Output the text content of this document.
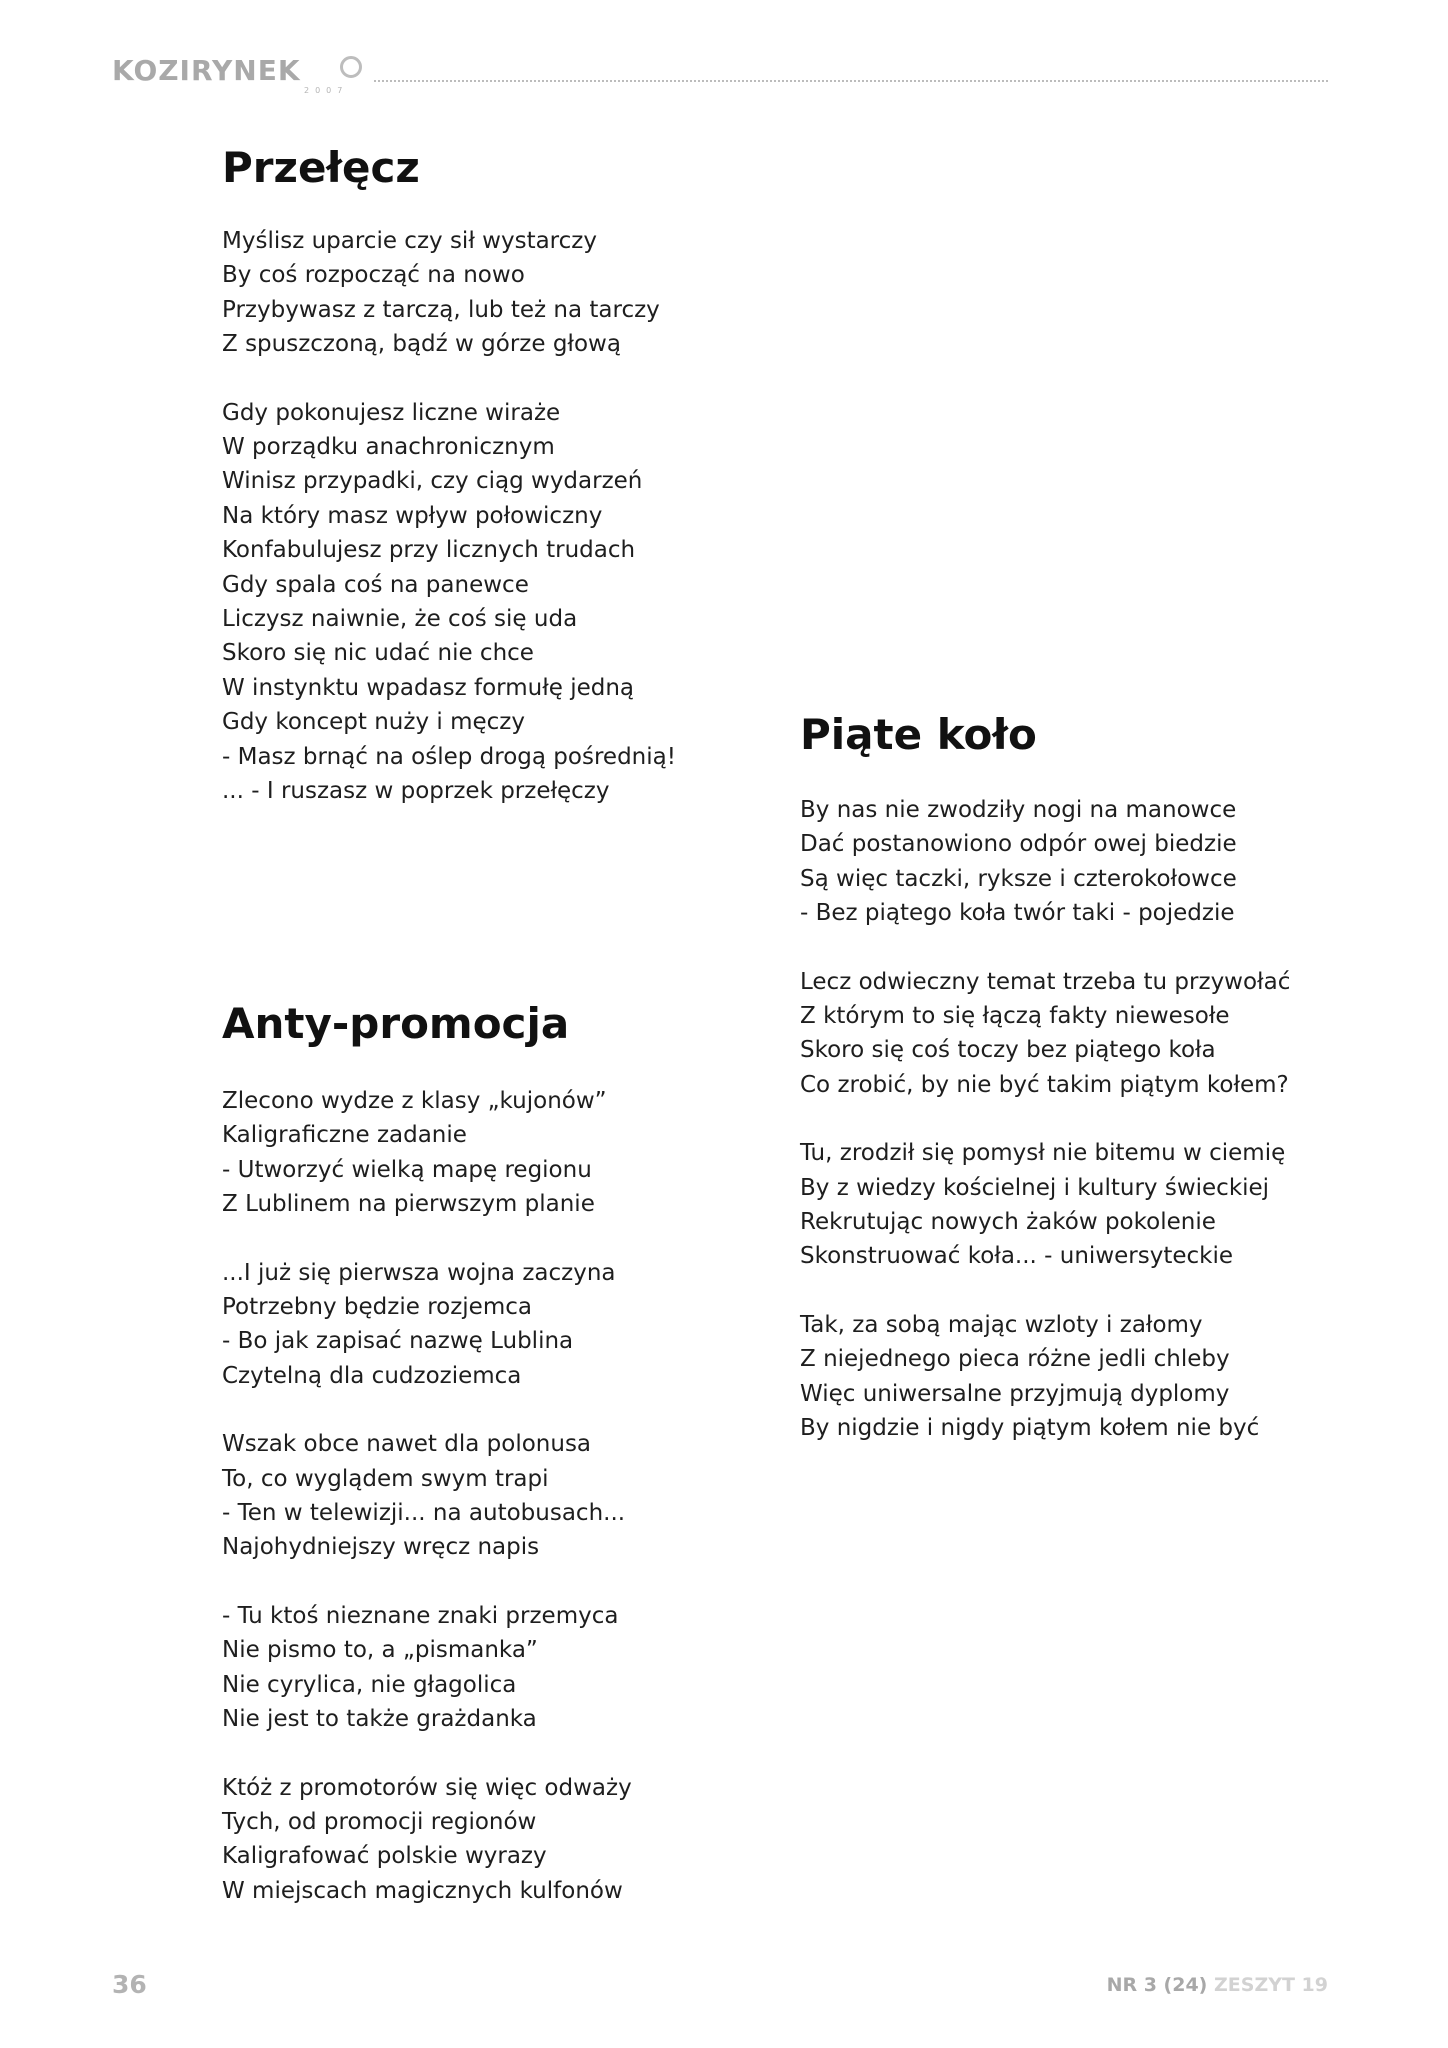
KOZIRYNEK
2007
Przełęcz
Myślisz uparcie czy sił wystarczy
By coś rozpocząć na nowo
Przybywasz z tarczą, lub też na tarczy
Z spuszczoną, bądź w górze głową
Gdy pokonujesz liczne wiraże
W porządku anachronicznym
Winisz przypadki, czy ciąg wydarzeń
Na który masz wpływ połowiczny
Konfabulujesz przy licznych trudach
Gdy spala coś na panewce
Liczysz naiwnie, że coś się uda
Skoro się nic udać nie chce
W instynktu wpadasz formułę jedną
Gdy koncept nuży i męczy
- Masz brnąć na oślep drogą pośrednią!
... - I ruszasz w poprzek przełęczy
Anty-promocja
Zlecono wydze z klasy „kujonów”
Kaligraficzne zadanie
- Utworzyć wielką mapę regionu
Z Lublinem na pierwszym planie
...I już się pierwsza wojna zaczyna
Potrzebny będzie rozjemca
- Bo jak zapisać nazwę Lublina
Czytelną dla cudzoziemca
Wszak obce nawet dla polonusa
To, co wyglądem swym trapi
- Ten w telewizji... na autobusach...
Najohydniejszy wręcz napis
- Tu ktoś nieznane znaki przemyca
Nie pismo to, a „pismanka”
Nie cyrylica, nie głagolica
Nie jest to także grażdanka
Któż z promotorów się więc odważy
Tych, od promocji regionów
Kaligrafować polskie wyrazy
W miejscach magicznych kulfonów
Piąte koło
By nas nie zwodziły nogi na manowce
Dać postanowiono odpór owej biedzie
Są więc taczki, ryksze i czterokołowce
- Bez piątego koła twór taki - pojedzie
Lecz odwieczny temat trzeba tu przywołać
Z którym to się łączą fakty niewesołe
Skoro się coś toczy bez piątego koła
Co zrobić, by nie być takim piątym kołem?
Tu, zrodził się pomysł nie bitemu w ciemię
By z wiedzy kościelnej i kultury świeckiej
Rekrutując nowych żaków pokolenie
Skonstruować koła... - uniwersyteckie
Tak, za sobą mając wzloty i załomy
Z niejednego pieca różne jedli chleby
Więc uniwersalne przyjmują dyplomy
By nigdzie i nigdy piątym kołem nie być
36	NR 3 (24) ZESZYT 19
